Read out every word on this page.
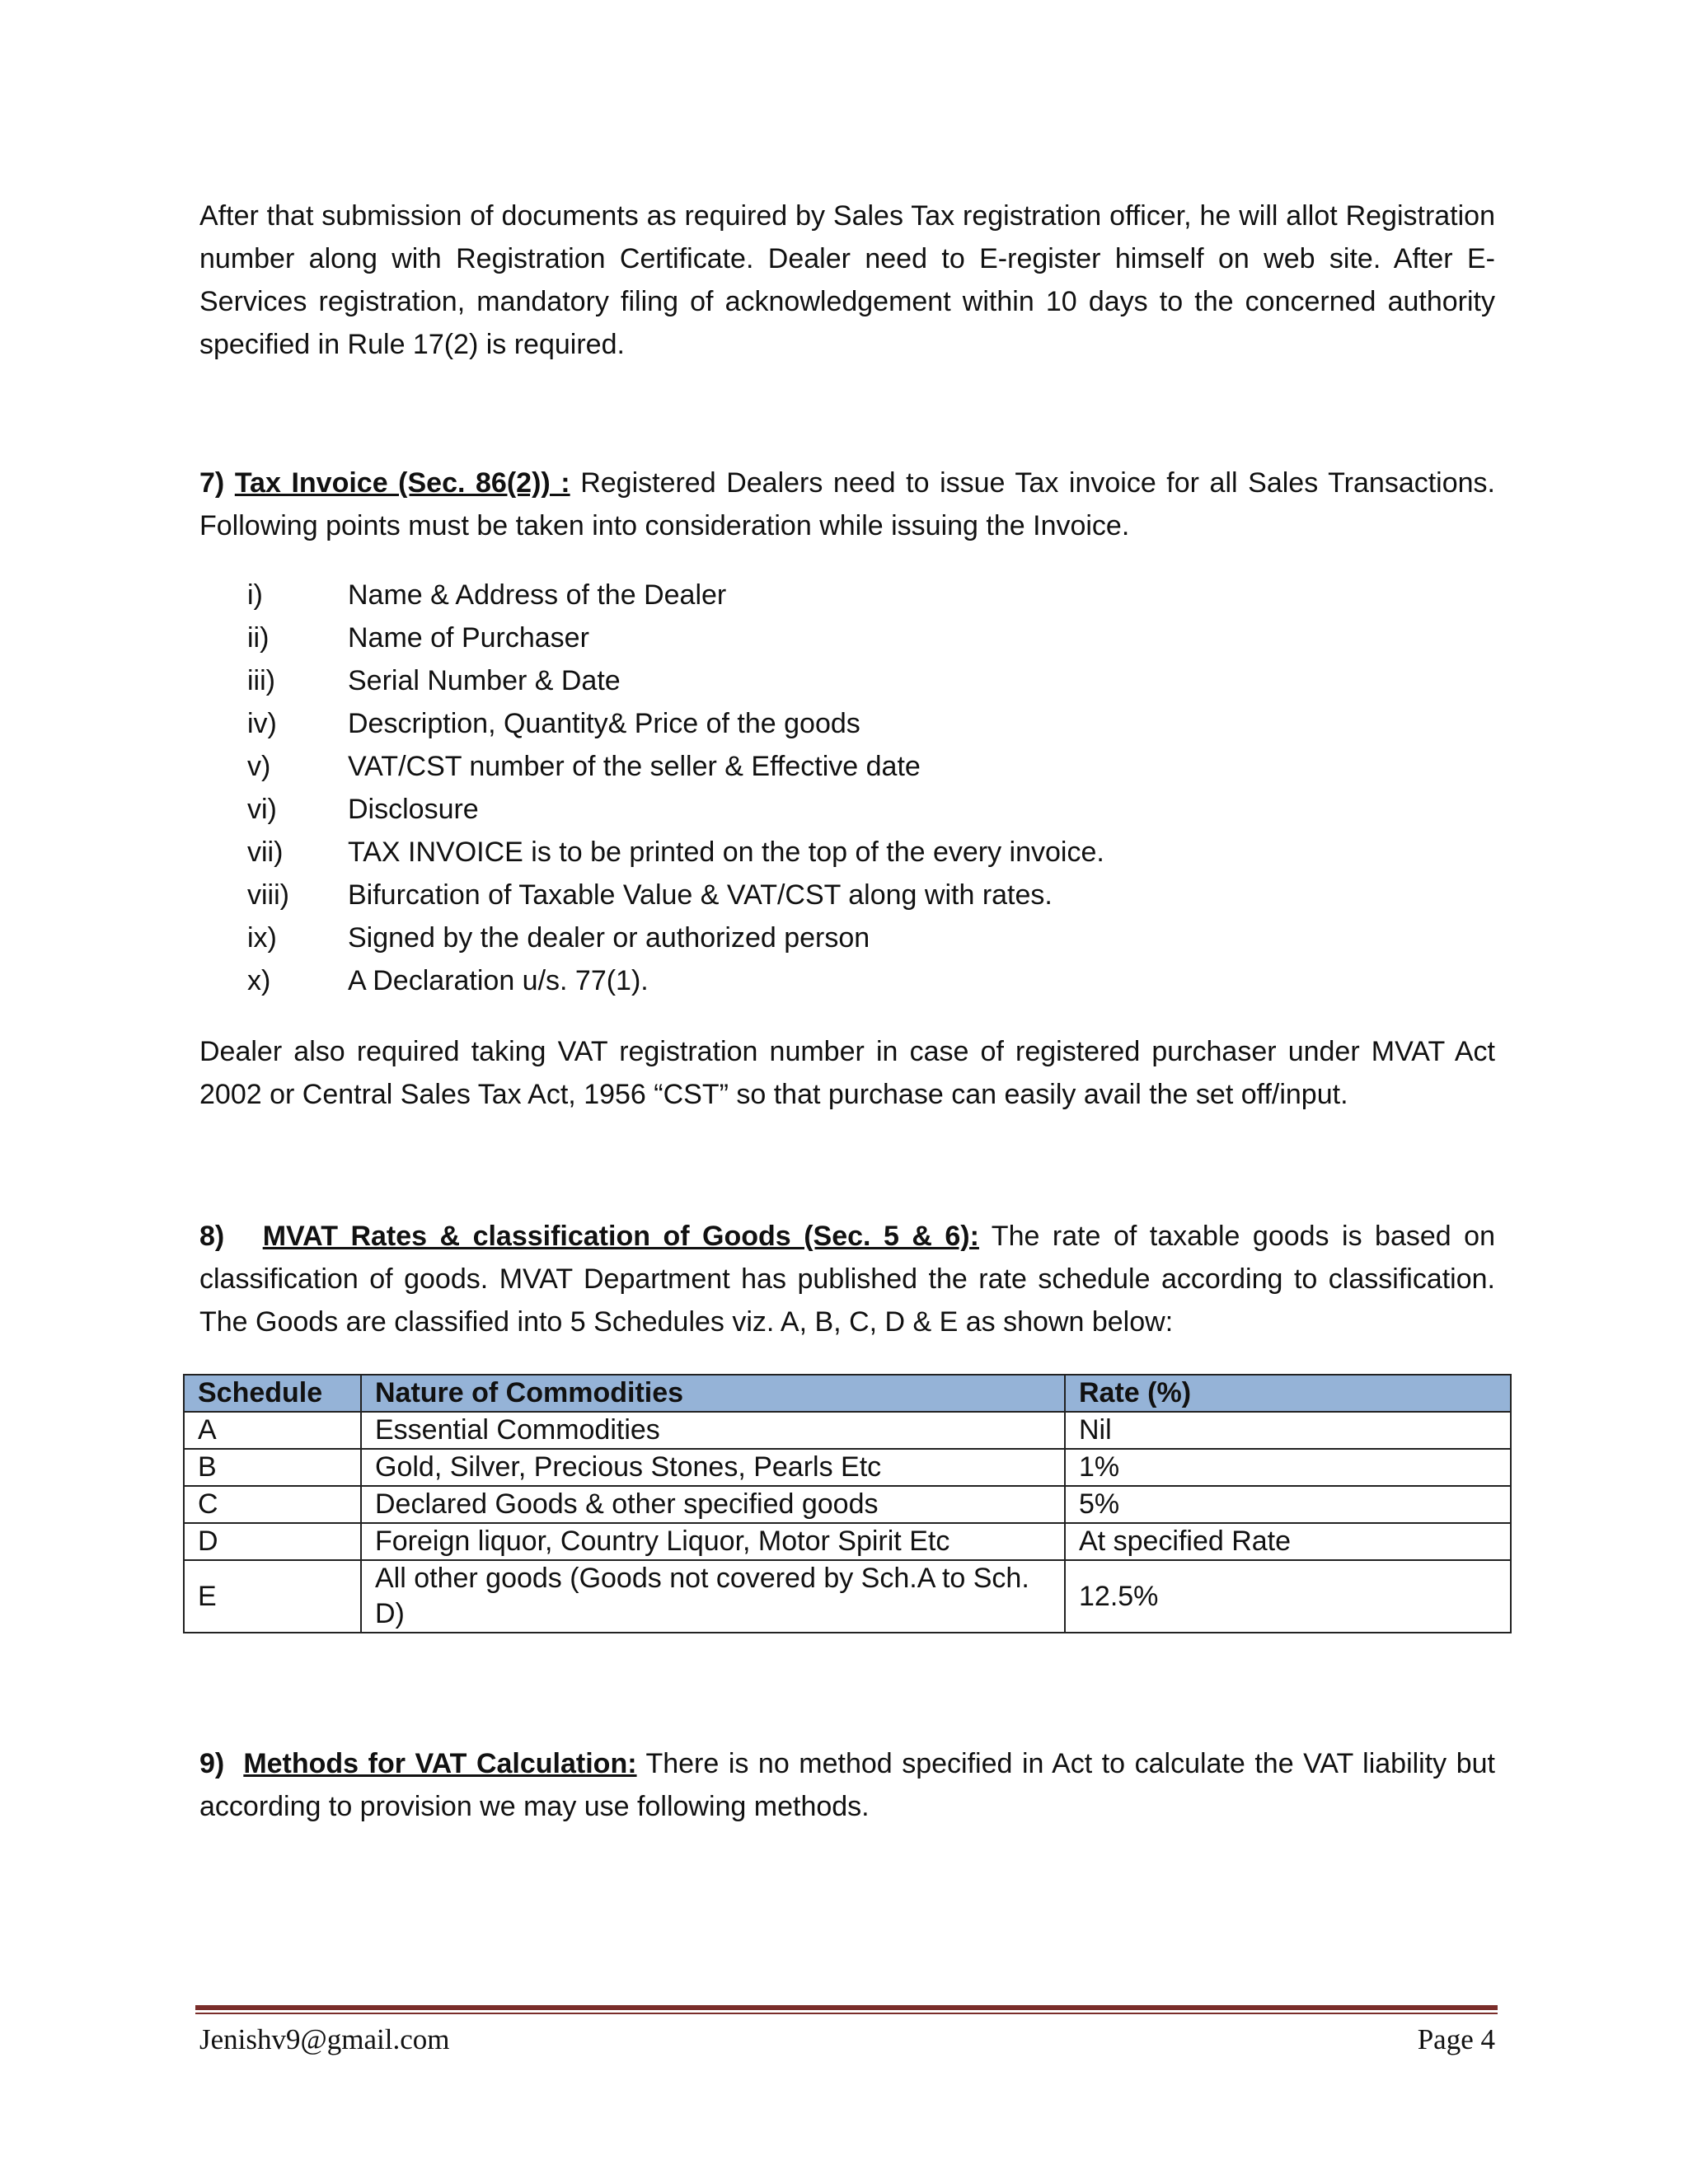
After that submission of documents as required by Sales Tax registration officer, he will allot Registration number along with Registration Certificate. Dealer need to E-register himself on web site. After E-Services registration, mandatory filing of acknowledgement within 10 days to the concerned authority specified in Rule 17(2) is required.

7) Tax Invoice (Sec. 86(2)) : Registered Dealers need to issue Tax invoice for all Sales Transactions. Following points must be taken into consideration while issuing the Invoice.

i)	Name & Address of the Dealer
ii)	Name of Purchaser
iii)	Serial Number & Date
iv)	Description, Quantity& Price of the goods
v)	VAT/CST number of the seller & Effective date
vi)	Disclosure
vii)	TAX INVOICE is to be printed on the top of the every invoice.
viii)	Bifurcation of Taxable Value & VAT/CST along with rates.
ix)	Signed by the dealer or authorized person
x)	A Declaration u/s. 77(1).

Dealer also required taking VAT registration number in case of registered purchaser under MVAT Act 2002 or Central Sales Tax Act, 1956 “CST” so that purchase can easily avail the set off/input.

8) MVAT Rates & classification of Goods (Sec. 5 & 6): The rate of taxable goods is based on classification of goods. MVAT Department has published the rate schedule according to classification. The Goods are classified into 5 Schedules viz. A, B, C, D & E as shown below:

Schedule	Nature of Commodities	Rate (%)
A	Essential Commodities	Nil
B	Gold, Silver, Precious Stones, Pearls Etc	1%
C	Declared Goods & other specified goods	5%
D	Foreign liquor, Country Liquor, Motor Spirit Etc	At specified Rate
E	All other goods (Goods not covered by Sch.A to Sch. D)	12.5%

9) Methods for VAT Calculation: There is no method specified in Act to calculate the VAT liability but according to provision we may use following methods.

Jenishv9@gmail.com	Page 4
